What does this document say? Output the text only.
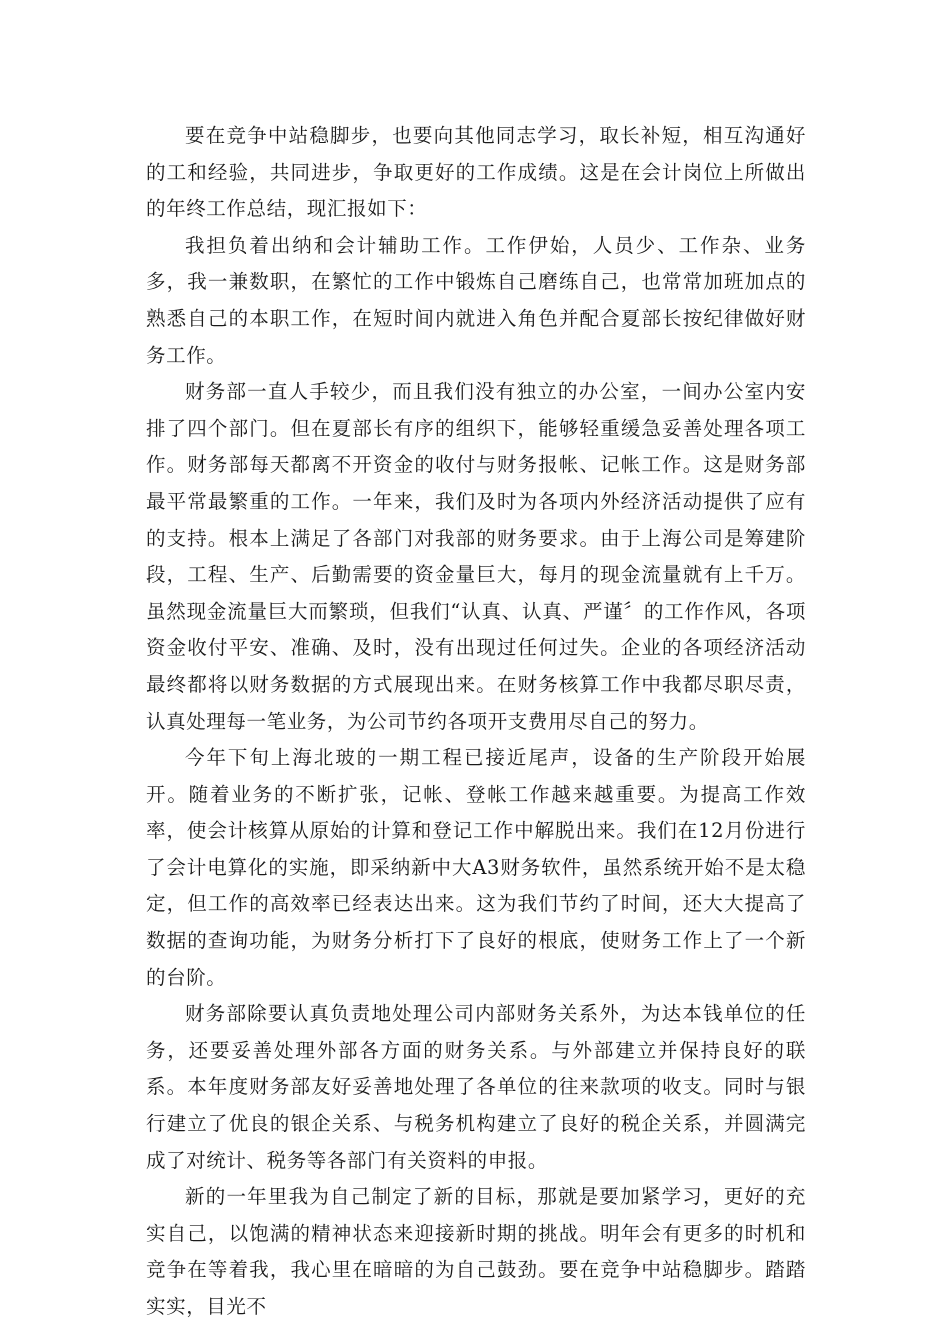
要在竞争中站稳脚步，也要向其他同志学习，取长补短，相互沟通好的工和经验，共同进步，争取更好的工作成绩。这是在会计岗位上所做出的年终工作总结，现汇报如下：

我担负着出纳和会计辅助工作。工作伊始，人员少、工作杂、业务多，我一兼数职，在繁忙的工作中锻炼自己磨练自己，也常常加班加点的熟悉自己的本职工作，在短时间内就进入角色并配合夏部长按纪律做好财务工作。

财务部一直人手较少，而且我们没有独立的办公室，一间办公室内安排了四个部门。但在夏部长有序的组织下，能够轻重缓急妥善处理各项工作。财务部每天都离不开资金的收付与财务报帐、记帐工作。这是财务部最平常最繁重的工作。一年来，我们及时为各项内外经济活动提供了应有的支持。根本上满足了各部门对我部的财务要求。由于上海公司是筹建阶段，工程、生产、后勤需要的资金量巨大，每月的现金流量就有上千万。虽然现金流量巨大而繁琐，但我们“认真、认真、严谨〞的工作作风，各项资金收付平安、准确、及时，没有出现过任何过失。企业的各项经济活动最终都将以财务数据的方式展现出来。在财务核算工作中我都尽职尽责，认真处理每一笔业务，为公司节约各项开支费用尽自己的努力。

今年下旬上海北玻的一期工程已接近尾声，设备的生产阶段开始展开。随着业务的不断扩张，记帐、登帐工作越来越重要。为提高工作效率，使会计核算从原始的计算和登记工作中解脱出来。我们在12月份进行了会计电算化的实施，即采纳新中大A3财务软件，虽然系统开始不是太稳定，但工作的高效率已经表达出来。这为我们节约了时间，还大大提高了数据的查询功能，为财务分析打下了良好的根底，使财务工作上了一个新的台阶。

财务部除要认真负责地处理公司内部财务关系外，为达本钱单位的任务，还要妥善处理外部各方面的财务关系。与外部建立并保持良好的联系。本年度财务部友好妥善地处理了各单位的往来款项的收支。同时与银行建立了优良的银企关系、与税务机构建立了良好的税企关系，并圆满完成了对统计、税务等各部门有关资料的申报。

新的一年里我为自己制定了新的目标，那就是要加紧学习，更好的充实自己，以饱满的精神状态来迎接新时期的挑战。明年会有更多的时机和竞争在等着我，我心里在暗暗的为自己鼓劲。要在竞争中站稳脚步。踏踏实实，目光不
